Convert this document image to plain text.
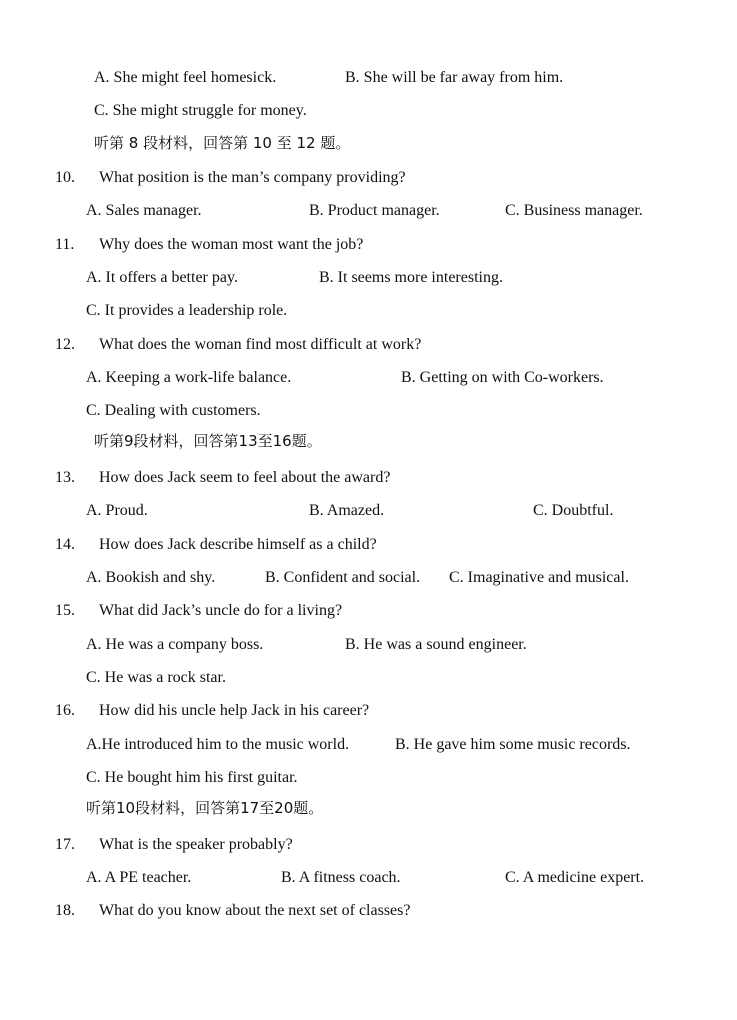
A. She might feel homesick.	B. She will be far away from him.
C. She might struggle for money.
听第 8 段材料，回答第 10 至 12 题。
10. What position is the man’s company providing?
A. Sales manager.	B. Product manager.	C. Business manager.
11. Why does the woman most want the job?
A. It offers a better pay.	B. It seems more interesting.
C. It provides a leadership role.
12. What does the woman find most difficult at work?
A. Keeping a work-life balance.	B. Getting on with Co-workers.
C. Dealing with customers.
听第9段材料，回答第13至16题。
13. How does Jack seem to feel about the award?
A. Proud.	B. Amazed.	C. Doubtful.
14. How does Jack describe himself as a child?
A. Bookish and shy.	B. Confident and social. C. Imaginative and musical.
15. What did Jack’s uncle do for a living?
A. He was a company boss.	B. He was a sound engineer.
C. He was a rock star.
16. How did his uncle help Jack in his career?
A.He introduced him to the music world.	B. He gave him some music records.
C. He bought him his first guitar.
听第10段材料，回答第17至20题。
17. What is the speaker probably?
A. A PE teacher.	B. A fitness coach.	C. A medicine expert.
18. What do you know about the next set of classes?
